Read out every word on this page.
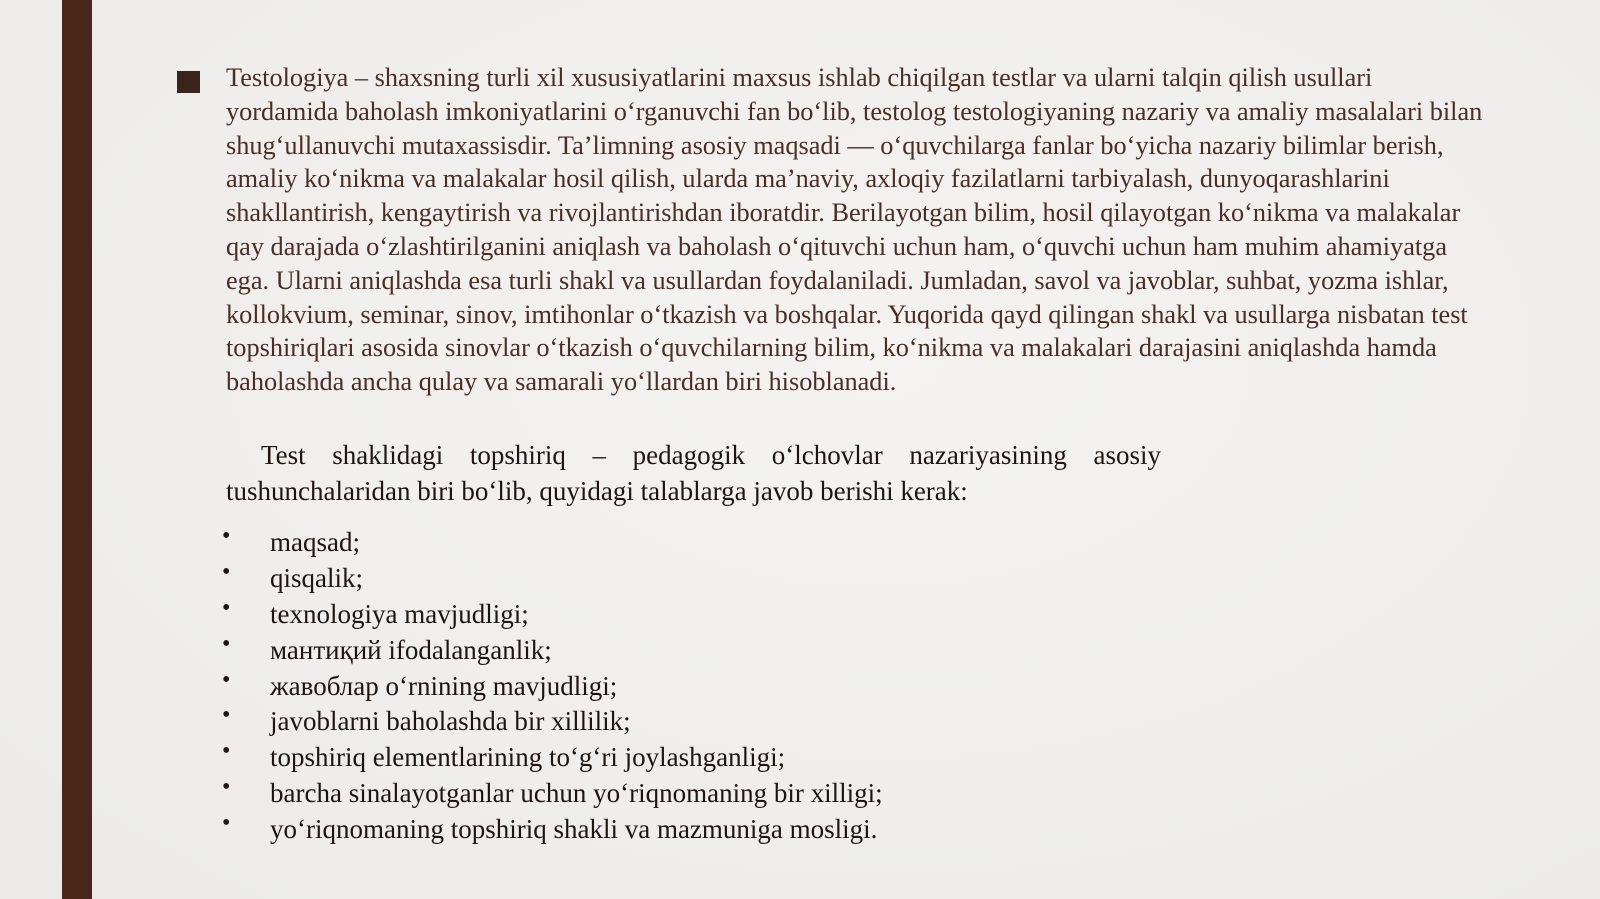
Testologiya – shaxsning turli xil xususiyatlarini maxsus ishlab chiqilgan testlar va ularni talqin qilish usullari yordamida baholash imkoniyatlarini o‘rganuvchi fan bo‘lib, testolog testologiyaning nazariy va amaliy masalalari bilan shug‘ullanuvchi mutaxassisdir. Ta’limning asosiy maqsadi — o‘quvchilarga fanlar bo‘yicha nazariy bilimlar berish, amaliy ko‘nikma va malakalar hosil qilish, ularda ma’naviy, axloqiy fazilatlarni tarbiyalash, dunyoqarashlarini shakllantirish, kengaytirish va rivojlantirishdan iboratdir. Berilayotgan bilim, hosil qilayotgan ko‘nikma va malakalar qay darajada o‘zlashtirilganini aniqlash va baholash o‘qituvchi uchun ham, o‘quvchi uchun ham muhim ahamiyatga ega. Ularni aniqlashda esa turli shakl va usullardan foydalaniladi. Jumladan, savol va javoblar, suhbat, yozma ishlar, kollokvium, seminar, sinov, imtihonlar o‘tkazish va boshqalar. Yuqorida qayd qilingan shakl va usullarga nisbatan test topshiriqlari asosida sinovlar o‘tkazish o‘quvchilarning bilim, ko‘nikma va malakalari darajasini aniqlashda hamda baholashda ancha qulay va samarali yo‘llardan biri hisoblanadi.
Test shaklidagi topshiriq – pedagogik o‘lchovlar nazariyasining asosiy
tushunchalaridan biri bo‘lib, quyidagi talablarga javob berishi kerak:
• maqsad;
• qisqalik;
• texnologiya mavjudligi;
• мантиқий ifodalanganlik;
• жавоблар o‘rnining mavjudligi;
• javoblarni baholashda bir xillilik;
• topshiriq elementlarining to‘g‘ri joylashganligi;
• barcha sinalayotganlar uchun yo‘riqnomaning bir xilligi;
• yo‘riqnomaning topshiriq shakli va mazmuniga mosligi.
